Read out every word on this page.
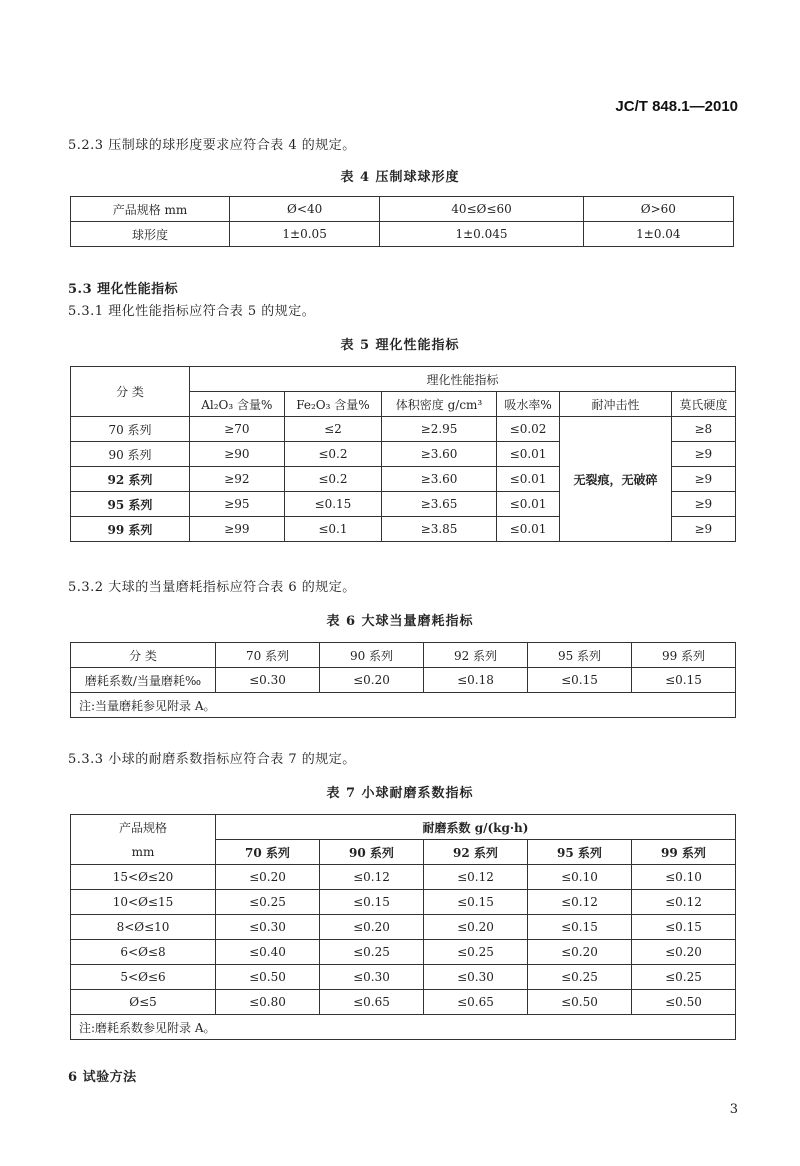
JC/T 848.1—2010
5.2.3 压制球的球形度要求应符合表 4 的规定。
表 4 压制球球形度
产品规格 mm	Ø<40	40≤Ø≤60	Ø>60
球形度	1±0.05	1±0.045	1±0.04
5.3 理化性能指标
5.3.1 理化性能指标应符合表 5 的规定。
表 5 理化性能指标
分 类	理化性能指标					
	Al₂O₃ 含量%	Fe₂O₃ 含量%	体积密度 g/cm³	吸水率%	耐冲击性	莫氏硬度
70 系列	≥70	≤2	≥2.95	≤0.02	无裂痕，无破碎	≥8
90 系列	≥90	≤0.2	≥3.60	≤0.01		≥9
92 系列	≥92	≤0.2	≥3.60	≤0.01		≥9
95 系列	≥95	≤0.15	≥3.65	≤0.01		≥9
99 系列	≥99	≤0.1	≥3.85	≤0.01		≥9
5.3.2 大球的当量磨耗指标应符合表 6 的规定。
表 6 大球当量磨耗指标
分 类	70 系列	90 系列	92 系列	95 系列	99 系列
磨耗系数/当量磨耗‰	≤0.30	≤0.20	≤0.18	≤0.15	≤0.15
注:当量磨耗参见附录 A。					
5.3.3 小球的耐磨系数指标应符合表 7 的规定。
表 7 小球耐磨系数指标
产品规格	耐磨系数 g/(kg·h)				
mm	70 系列	90 系列	92 系列	95 系列	99 系列
15<Ø≤20	≤0.20	≤0.12	≤0.12	≤0.10	≤0.10
10<Ø≤15	≤0.25	≤0.15	≤0.15	≤0.12	≤0.12
8<Ø≤10	≤0.30	≤0.20	≤0.20	≤0.15	≤0.15
6<Ø≤8	≤0.40	≤0.25	≤0.25	≤0.20	≤0.20
5<Ø≤6	≤0.50	≤0.30	≤0.30	≤0.25	≤0.25
Ø≤5	≤0.80	≤0.65	≤0.65	≤0.50	≤0.50
注:磨耗系数参见附录 A。					
6 试验方法
3
